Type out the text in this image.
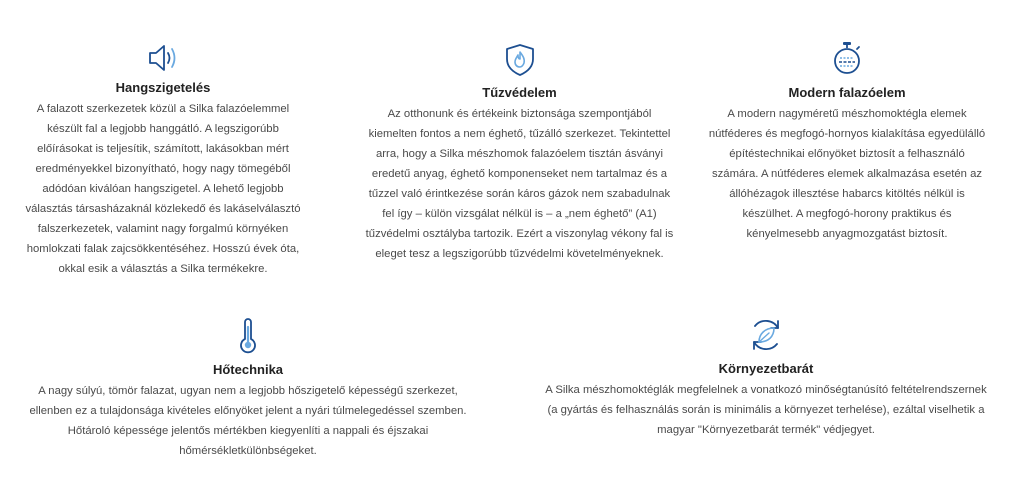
Hangszigetelés

A falazott szerkezetek közül a Silka falazóelemmel készült fal a legjobb hanggátló. A legszigorúbb előírásokat is teljesítik, számított, lakásokban mért eredményekkel bizonyítható, hogy nagy tömegéből adódóan kiválóan hangszigetel. A lehető legjobb választás társasházaknál közlekedő és lakáselválasztó falszerkezetek, valamint nagy forgalmú környéken homlokzati falak zajcsökkentéséhez. Hosszú évek óta, okkal esik a választás a Silka termékekre.

Tűzvédelem

Az otthonunk és értékeink biztonsága szempontjából kiemelten fontos a nem éghető, tűzálló szerkezet. Tekintettel arra, hogy a Silka mészhomok falazóelem tisztán ásványi eredetű anyag, éghető komponenseket nem tartalmaz és a tűzzel való érintkezése során káros gázok nem szabadulnak fel így – külön vizsgálat nélkül is – a „nem éghető” (A1) tűzvédelmi osztályba tartozik. Ezért a viszonylag vékony fal is eleget tesz a legszigorúbb tűzvédelmi követelményeknek.

Modern falazóelem

A modern nagyméretű mészhomoktégla elemek nútféderes és megfogó-hornyos kialakítása egyedülálló építéstechnikai előnyöket biztosít a felhasználó számára. A nútféderes elemek alkalmazása esetén az állóhézagok illesztése habarcs kitöltés nélkül is készülhet. A megfogó-horony praktikus és kényelmesebb anyagmozgatást biztosít.

Hőtechnika

A nagy súlyú, tömör falazat, ugyan nem a legjobb hőszigetelő képességű szerkezet, ellenben ez a tulajdonsága kivételes előnyöket jelent a nyári túlmelegedéssel szemben. Hőtároló képessége jelentős mértékben kiegyenlíti a nappali és éjszakai hőmérsékletkülönbségeket.

Környezetbarát

A Silka mészhomoktéglák megfelelnek a vonatkozó minőségtanúsító feltételrendszernek (a gyártás és felhasználás során is minimális a környezet terhelése), ezáltal viselhetik a magyar "Környezetbarát termék" védjegyet.
